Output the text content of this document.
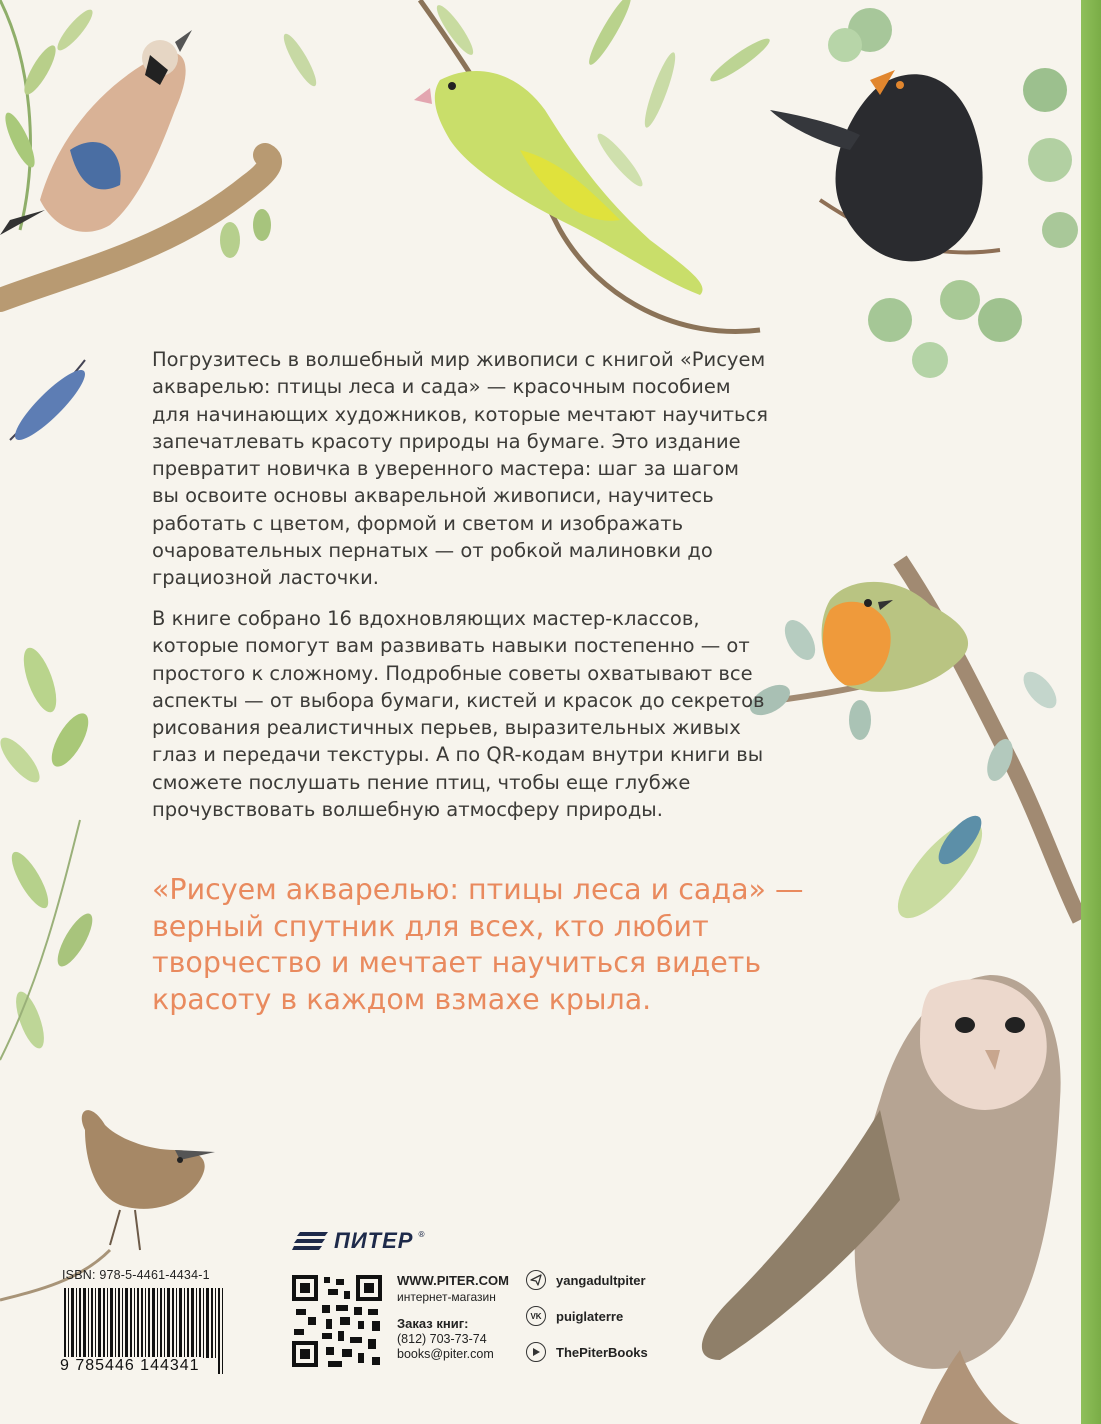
Погрузитесь в волшебный мир живописи с книгой «Рисуем акварелью: птицы леса и сада» — красочным пособием для начинающих художников, которые мечтают научиться запечатлевать красоту природы на бумаге. Это издание превратит новичка в уверенного мастера: шаг за шагом вы освоите основы акварельной живописи, научитесь работать с цветом, формой и светом и изображать очаровательных пернатых — от робкой малиновки до грациозной ласточки.

В книге собрано 16 вдохновляющих мастер-классов, которые помогут вам развивать навыки постепенно — от простого к сложному. Подробные советы охватывают все аспекты — от выбора бумаги, кистей и красок до секретов рисования реалистичных перьев, выразительных живых глаз и передачи текстуры. А по QR-кодам внутри книги вы сможете послушать пение птиц, чтобы еще глубже прочувствовать волшебную атмосферу природы.

«Рисуем акварелью: птицы леса и сада» — верный спутник для всех, кто любит творчество и мечтает научиться видеть красоту в каждом взмахе крыла.

ISBN: 978-5-4461-4434-1
9 785446 144341
ПИТЕР ®
WWW.PITER.COM
интернет-магазин
Заказ книг:
(812) 703-73-74
books@piter.com
yangadultpiter
VK	puiglaterre
ThePiterBooks
